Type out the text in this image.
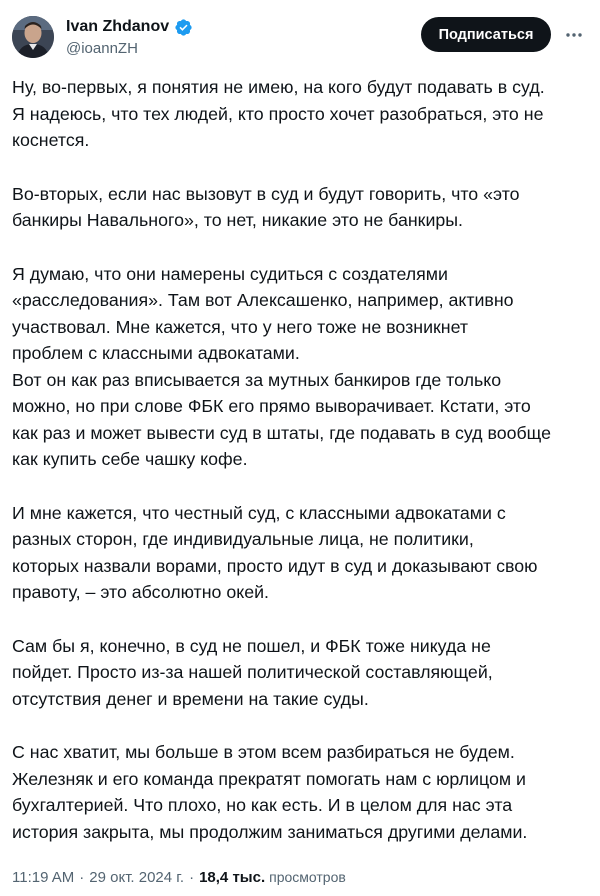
Ivan Zhdanov
@ioannZH
Подписаться

Ну, во-первых, я понятия не имею, на кого будут подавать в суд.
Я надеюсь, что тех людей, кто просто хочет разобраться, это не
коснется.

Во-вторых, если нас вызовут в суд и будут говорить, что «это
банкиры Навального», то нет, никакие это не банкиры.

Я думаю, что они намерены судиться с создателями
«расследования». Там вот Алексашенко, например, активно
участвовал. Мне кажется, что у него тоже не возникнет
проблем с классными адвокатами.
Вот он как раз вписывается за мутных банкиров где только
можно, но при слове ФБК его прямо выворачивает. Кстати, это
как раз и может вывести суд в штаты, где подавать в суд вообще
как купить себе чашку кофе.

И мне кажется, что честный суд, с классными адвокатами с
разных сторон, где индивидуальные лица, не политики,
которых назвали ворами, просто идут в суд и доказывают свою
правоту, – это абсолютно окей.

Сам бы я, конечно, в суд не пошел, и ФБК тоже никуда не
пойдет. Просто из-за нашей политической составляющей,
отсутствия денег и времени на такие суды.

С нас хватит, мы больше в этом всем разбираться не будем.
Железняк и его команда прекратят помогать нам с юрлицом и
бухгалтерией. Что плохо, но как есть. И в целом для нас эта
история закрыта, мы продолжим заниматься другими делами.

11:19 AM · 29 окт. 2024 г. · 18,4 тыс. просмотров
